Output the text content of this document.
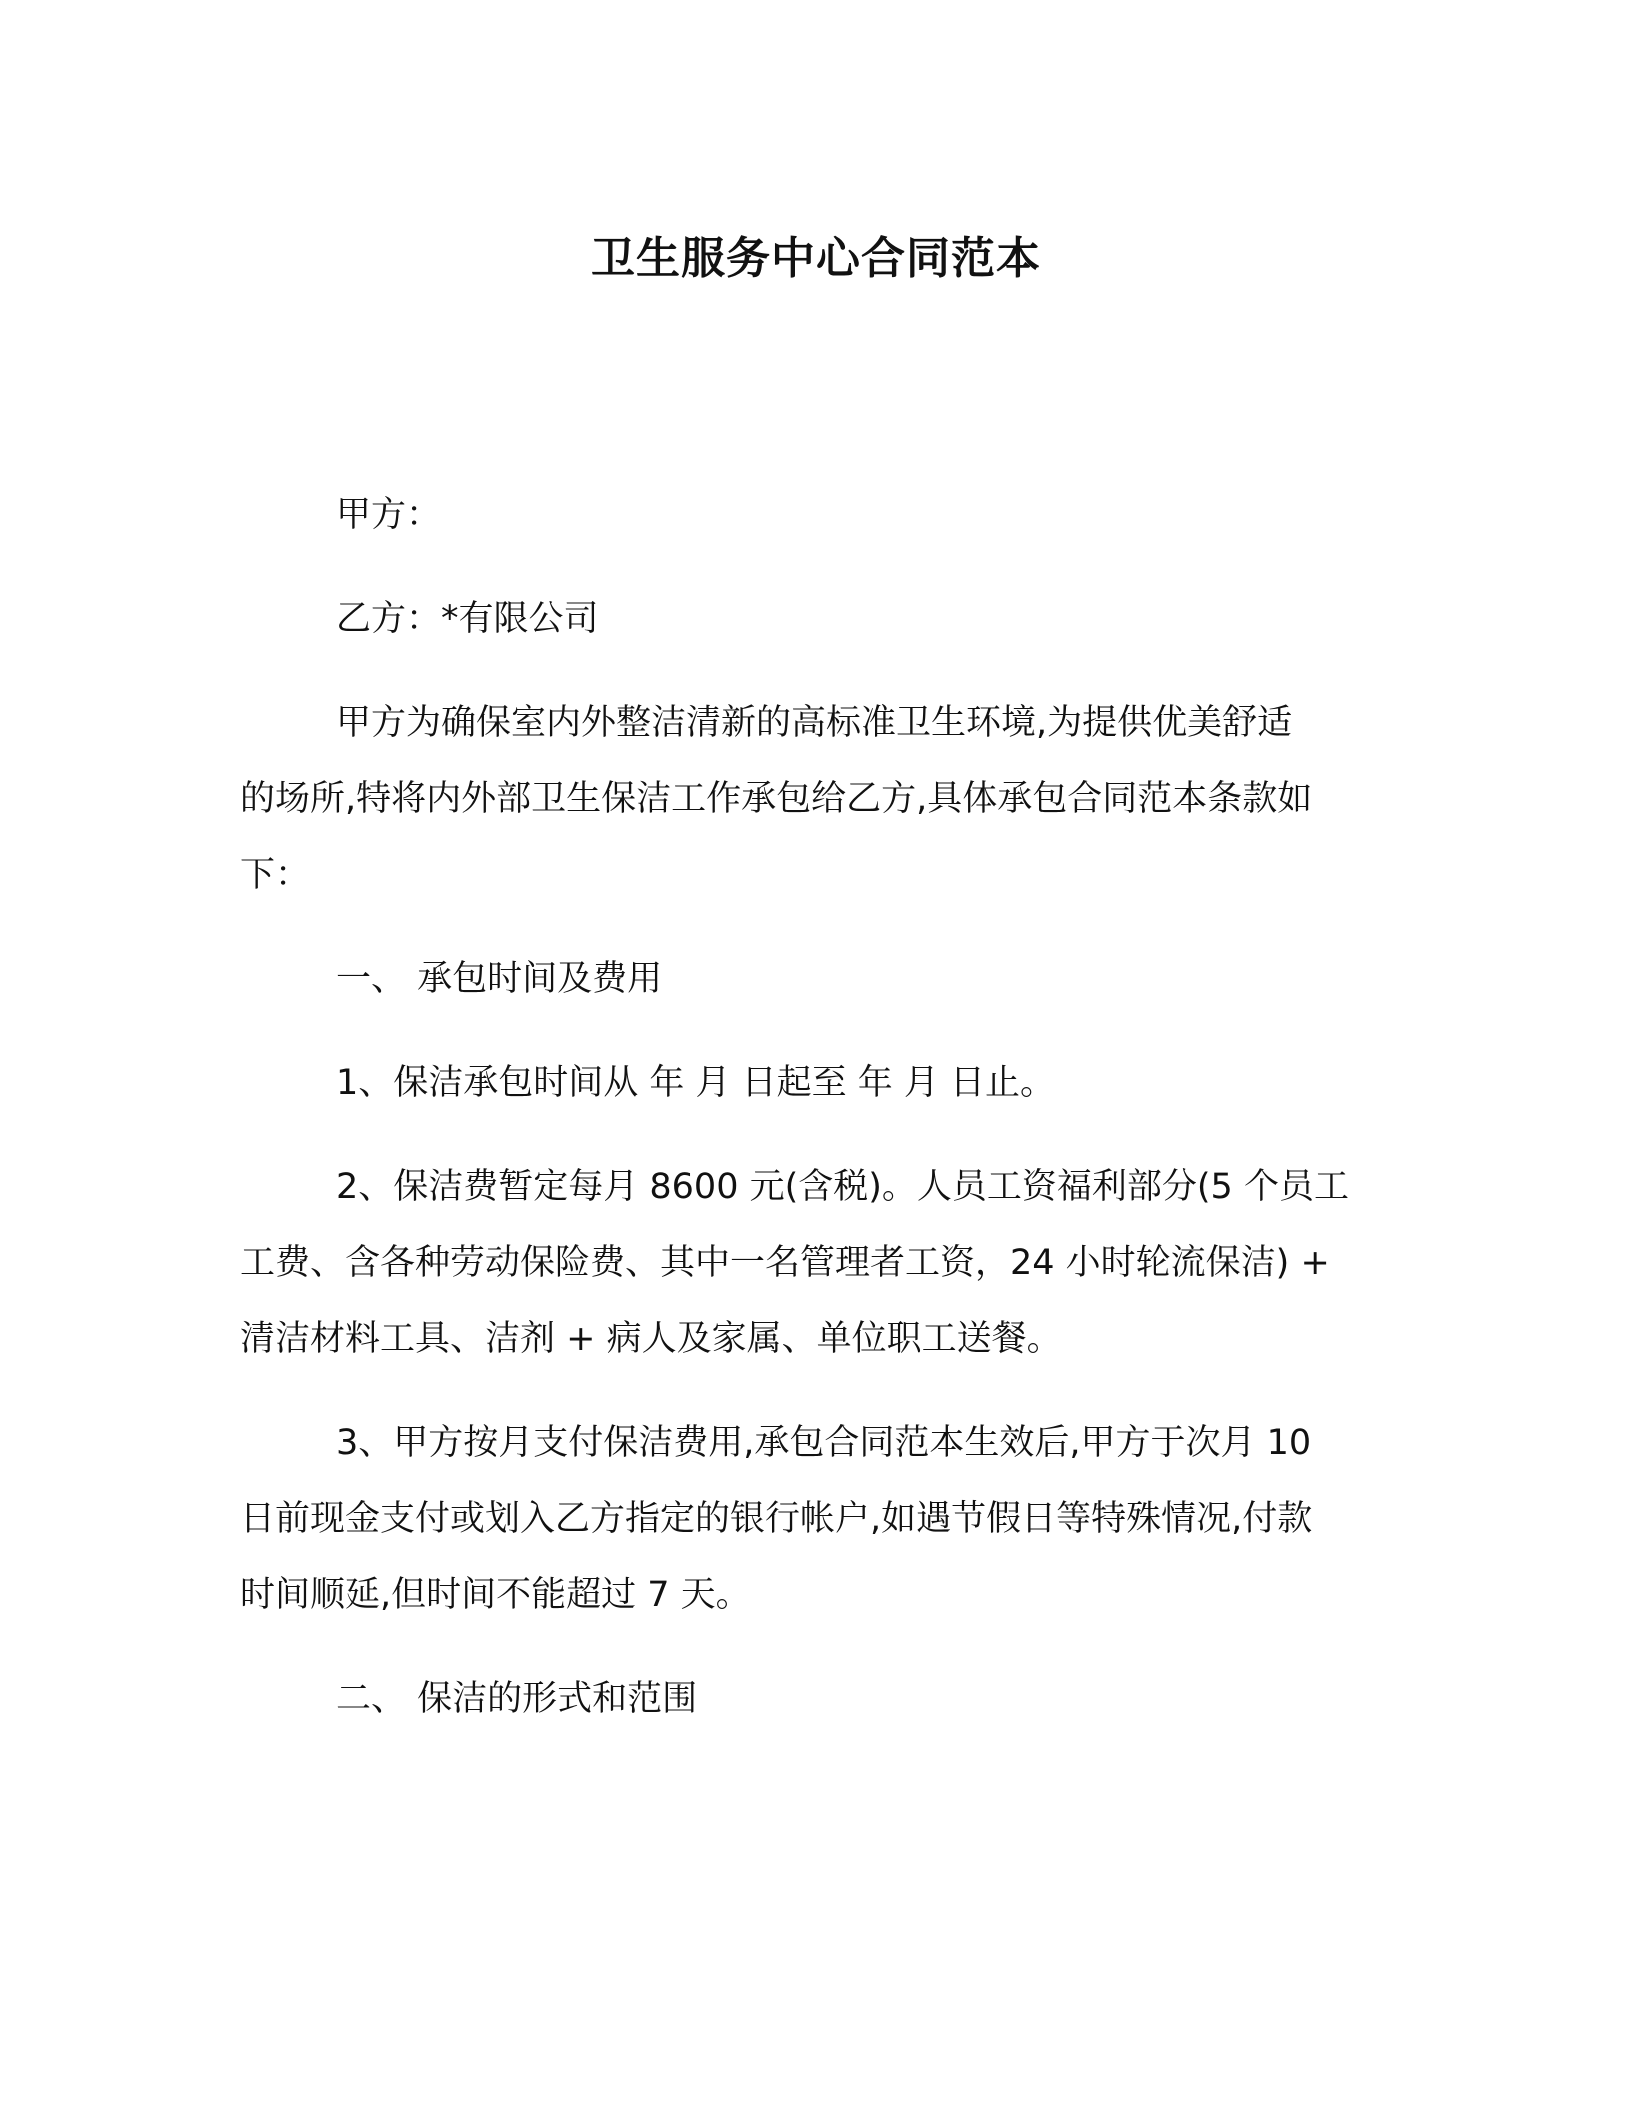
卫生服务中心合同范本

甲方：

乙方：*有限公司

甲方为确保室内外整洁清新的高标准卫生环境,为提供优美舒适

的场所,特将内外部卫生保洁工作承包给乙方,具体承包合同范本条款如

下：

一、 承包时间及费用

1、保洁承包时间从 年 月 日起至 年 月 日止。

2、保洁费暂定每月 8600 元(含税)。人员工资福利部分(5 个员工

工费、含各种劳动保险费、其中一名管理者工资，24 小时轮流保洁) +

清洁材料工具、洁剂 + 病人及家属、单位职工送餐。

3、甲方按月支付保洁费用,承包合同范本生效后,甲方于次月 10

日前现金支付或划入乙方指定的银行帐户,如遇节假日等特殊情况,付款

时间顺延,但时间不能超过 7 天。

二、 保洁的形式和范围
